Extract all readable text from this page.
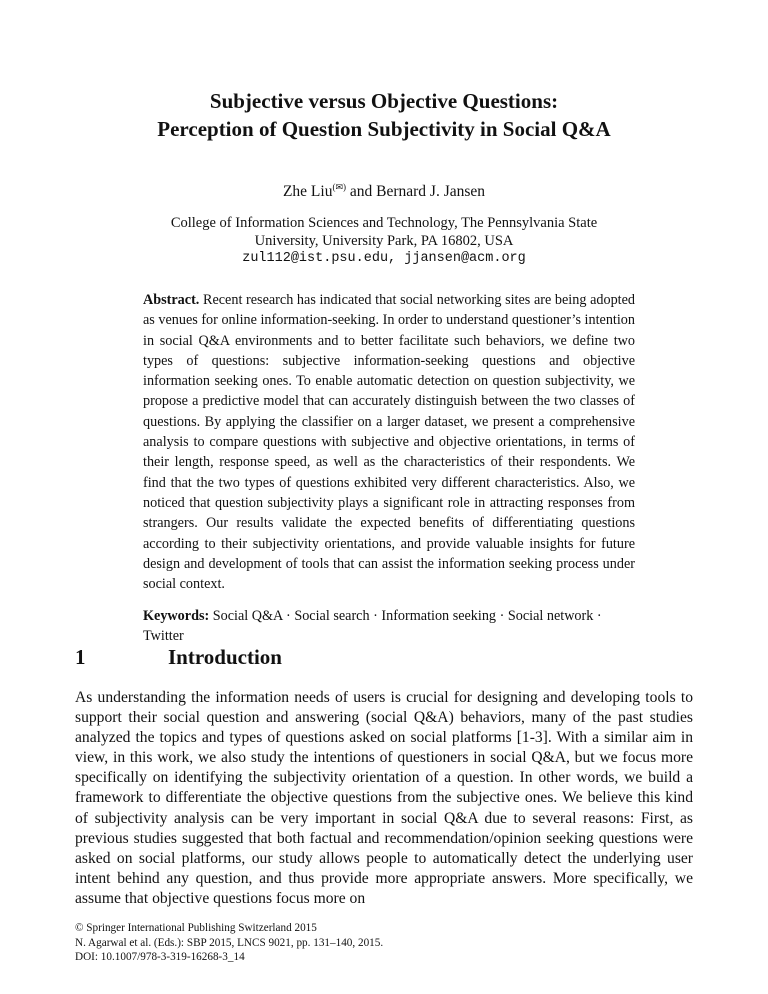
Subjective versus Objective Questions:
Perception of Question Subjectivity in Social Q&A
Zhe Liu(✉) and Bernard J. Jansen
College of Information Sciences and Technology, The Pennsylvania State
University, University Park, PA 16802, USA
zul112@ist.psu.edu, jjansen@acm.org

Abstract. Recent research has indicated that social networking sites are being adopted as venues for online information-seeking. In order to understand questioner’s intention in social Q&A environments and to better facilitate such behaviors, we define two types of questions: subjective information-seeking questions and objective information seeking ones. To enable automatic detection on question subjectivity, we propose a predictive model that can accurately distinguish between the two classes of questions. By applying the classifier on a larger dataset, we present a comprehensive analysis to compare questions with subjective and objective orientations, in terms of their length, response speed, as well as the characteristics of their respondents. We find that the two types of questions exhibited very different characteristics. Also, we noticed that question subjectivity plays a significant role in attracting responses from strangers. Our results validate the expected benefits of differentiating questions according to their subjectivity orientations, and provide valuable insights for future design and development of tools that can assist the information seeking process under social context.

Keywords: Social Q&A · Social search · Information seeking · Social network · Twitter

1	Introduction

As understanding the information needs of users is crucial for designing and developing tools to support their social question and answering (social Q&A) behaviors, many of the past studies analyzed the topics and types of questions asked on social platforms [1-3]. With a similar aim in view, in this work, we also study the intentions of questioners in social Q&A, but we focus more specifically on identifying the subjectivity orientation of a question. In other words, we build a framework to differentiate the objective questions from the subjective ones. We believe this kind of subjectivity analysis can be very important in social Q&A due to several reasons: First, as previous studies suggested that both factual and recommendation/opinion seeking questions were asked on social platforms, our study allows people to automatically detect the underlying user intent behind any question, and thus provide more appropriate answers. More specifically, we assume that objective questions focus more on

© Springer International Publishing Switzerland 2015
N. Agarwal et al. (Eds.): SBP 2015, LNCS 9021, pp. 131–140, 2015.
DOI: 10.1007/978-3-319-16268-3_14
